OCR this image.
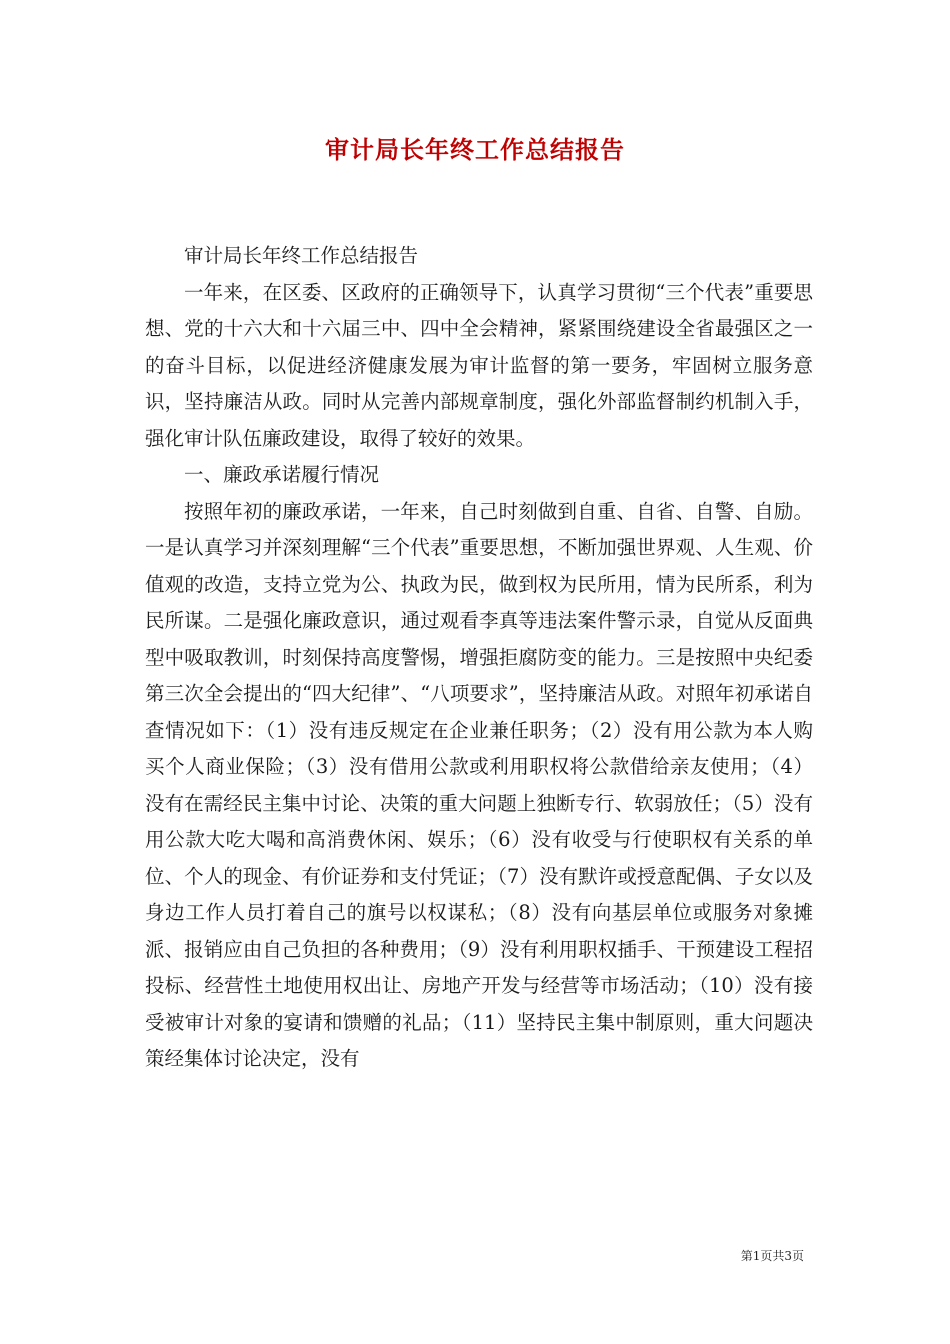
审计局长年终工作总结报告

审计局长年终工作总结报告

一年来，在区委、区政府的正确领导下，认真学习贯彻“三个代表”重要思想、党的十六大和十六届三中、四中全会精神，紧紧围绕建设全省最强区之一的奋斗目标，以促进经济健康发展为审计监督的第一要务，牢固树立服务意识，坚持廉洁从政。同时从完善内部规章制度，强化外部监督制约机制入手，强化审计队伍廉政建设，取得了较好的效果。

一、廉政承诺履行情况

按照年初的廉政承诺，一年来，自己时刻做到自重、自省、自警、自励。一是认真学习并深刻理解“三个代表”重要思想，不断加强世界观、人生观、价值观的改造，支持立党为公、执政为民，做到权为民所用，情为民所系，利为民所谋。二是强化廉政意识，通过观看李真等违法案件警示录，自觉从反面典型中吸取教训，时刻保持高度警惕，增强拒腐防变的能力。三是按照中央纪委第三次全会提出的“四大纪律”、“八项要求”，坚持廉洁从政。对照年初承诺自查情况如下：（1）没有违反规定在企业兼任职务；（2）没有用公款为本人购买个人商业保险；（3）没有借用公款或利用职权将公款借给亲友使用；（4）没有在需经民主集中讨论、决策的重大问题上独断专行、软弱放任；（5）没有用公款大吃大喝和高消费休闲、娱乐；（6）没有收受与行使职权有关系的单位、个人的现金、有价证券和支付凭证；（7）没有默许或授意配偶、子女以及身边工作人员打着自己的旗号以权谋私；（8）没有向基层单位或服务对象摊派、报销应由自己负担的各种费用；（9）没有利用职权插手、干预建设工程招投标、经营性土地使用权出让、房地产开发与经营等市场活动；（10）没有接受被审计对象的宴请和馈赠的礼品；（11）坚持民主集中制原则，重大问题决策经集体讨论决定，没有

第1页共3页
